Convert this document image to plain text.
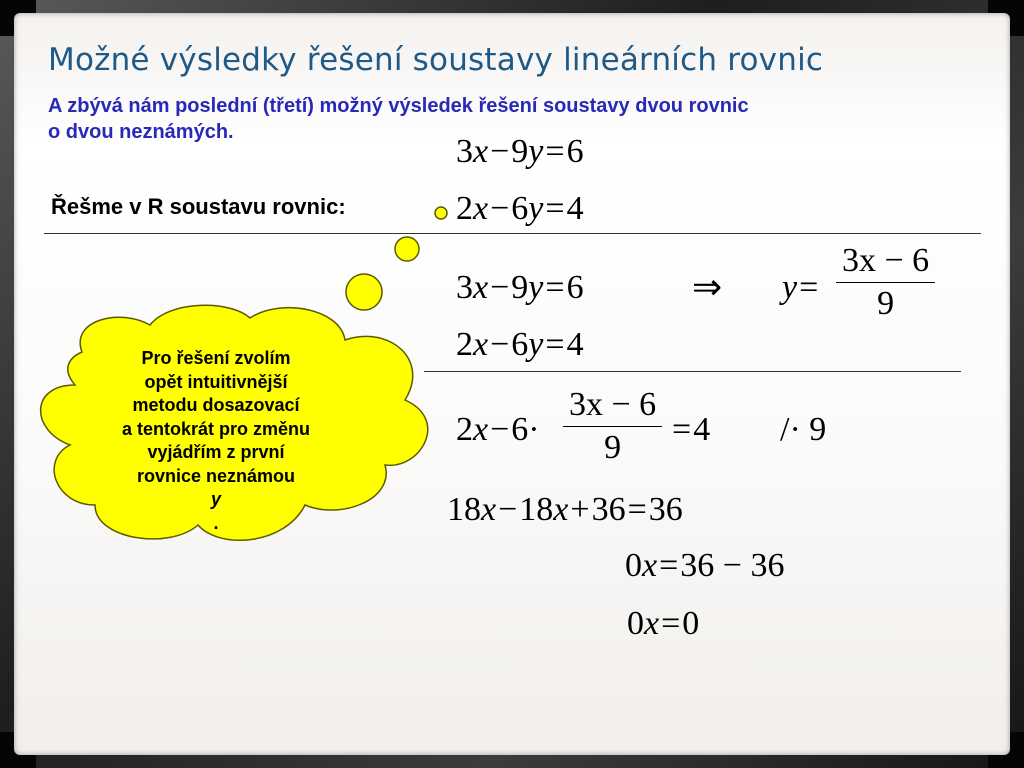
Možné výsledky řešení soustavy lineárních rovnic
A zbývá nám poslední (třetí) možný výsledek řešení soustavy dvou rovnic
o dvou neznámých.
Řešme v R soustavu rovnic:
3x−9y=6
2x−6y=4
3x−9y=6
2x−6y=4
⇒ $y= \frac{3x - 6}{9}$
$2x-6\cdot \frac{3x - 6}{9} =4 /\cdot 9$
18x−18x+36=36
0x=36 − 36
0x=0
Pro řešení zvolím
opět intuitivnější
metodu dosazovací
a tentokrát pro změnu
vyjádřím z první
rovnice neznámou
y
.
